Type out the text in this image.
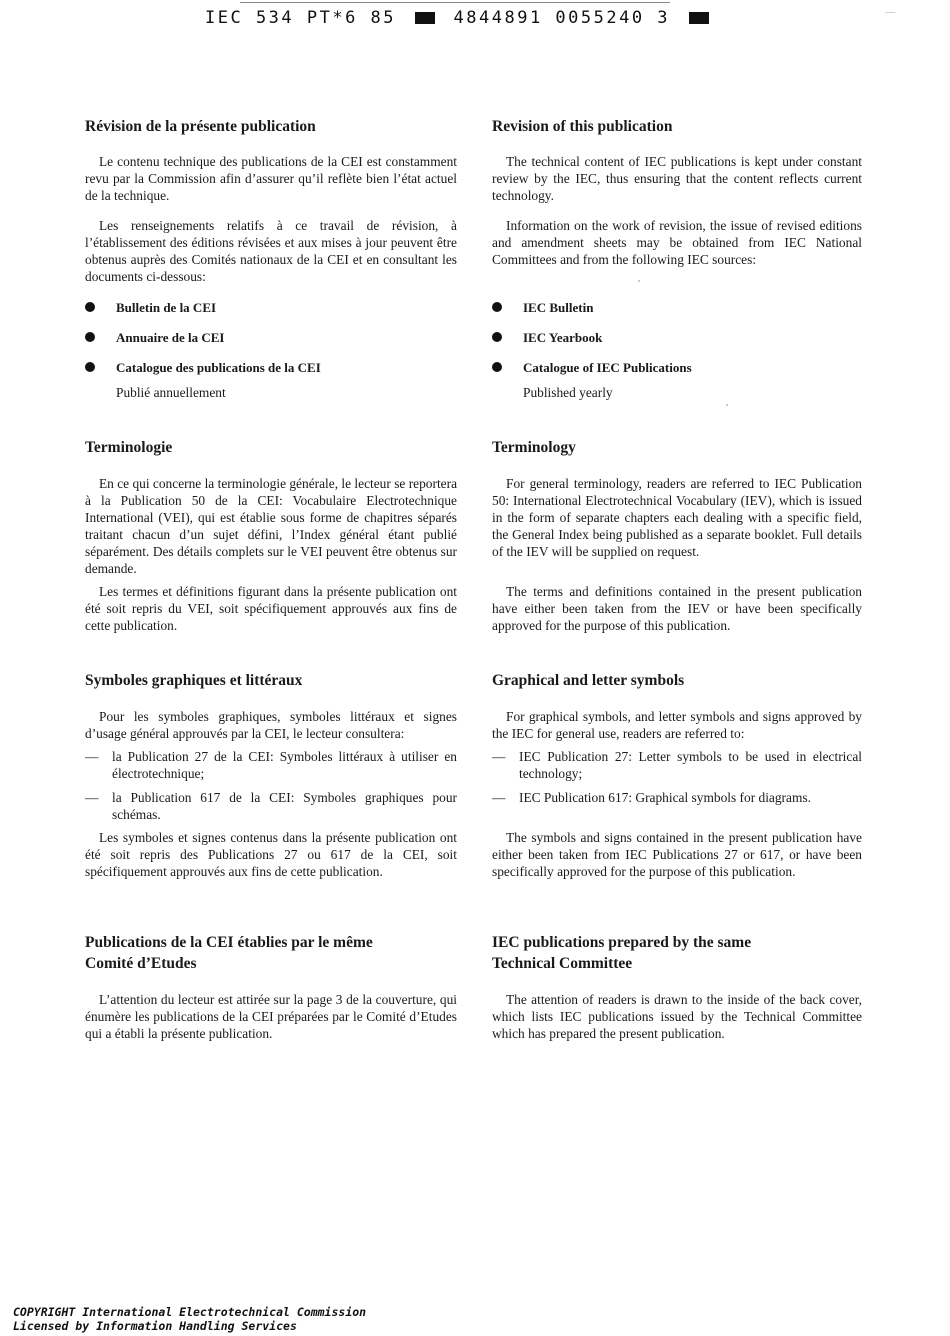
IEC 534 PT*6 85	4844891 0055240 3
Révision de la présente publication

Le contenu technique des publications de la CEI est constamment revu par la Commission afin d’assurer qu’il reflète bien l’état actuel de la technique.

Les renseignements relatifs à ce travail de révision, à l’établissement des éditions révisées et aux mises à jour peuvent être obtenus auprès des Comités nationaux de la CEI et en consultant les documents ci-dessous:

Bulletin de la CEI
Annuaire de la CEI
Catalogue des publications de la CEI
Publié annuellement
Terminologie

En ce qui concerne la terminologie générale, le lecteur se reportera à la Publication 50 de la CEI: Vocabulaire Electrotechnique International (VEI), qui est établie sous forme de chapitres séparés traitant chacun d’un sujet défini, l’Index général étant publié séparément. Des détails complets sur le VEI peuvent être obtenus sur demande.

Les termes et définitions figurant dans la présente publication ont été soit repris du VEI, soit spécifiquement approuvés aux fins de cette publication.

Symboles graphiques et littéraux

Pour les symboles graphiques, symboles littéraux et signes d’usage général approuvés par la CEI, le lecteur consultera:

— la Publication 27 de la CEI: Symboles littéraux à utiliser en électrotechnique;
— la Publication 617 de la CEI: Symboles graphiques pour schémas.

Les symboles et signes contenus dans la présente publication ont été soit repris des Publications 27 ou 617 de la CEI, soit spécifiquement approuvés aux fins de cette publication.

Publications de la CEI établies par le même
Comité d’Etudes

L’attention du lecteur est attirée sur la page 3 de la couverture, qui énumère les publications de la CEI préparées par le Comité d’Etudes qui a établi la présente publication.

Revision of this publication

The technical content of IEC publications is kept under constant review by the IEC, thus ensuring that the content reflects current technology.

Information on the work of revision, the issue of revised editions and amendment sheets may be obtained from IEC National Committees and from the following IEC sources:

IEC Bulletin
IEC Yearbook
Catalogue of IEC Publications
Published yearly
Terminology

For general terminology, readers are referred to IEC Publication 50: International Electrotechnical Vocabulary (IEV), which is issued in the form of separate chapters each dealing with a specific field, the General Index being published as a separate booklet. Full details of the IEV will be supplied on request.

The terms and definitions contained in the present publication have either been taken from the IEV or have been specifically approved for the purpose of this publication.

Graphical and letter symbols

For graphical symbols, and letter symbols and signs approved by the IEC for general use, readers are referred to:

— IEC Publication 27: Letter symbols to be used in electrical technology;
— IEC Publication 617: Graphical symbols for diagrams.

The symbols and signs contained in the present publication have either been taken from IEC Publications 27 or 617, or have been specifically approved for the purpose of this publication.

IEC publications prepared by the same
Technical Committee

The attention of readers is drawn to the inside of the back cover, which lists IEC publications issued by the Technical Committee which has prepared the present publication.

COPYRIGHT International Electrotechnical Commission
Licensed by Information Handling Services
